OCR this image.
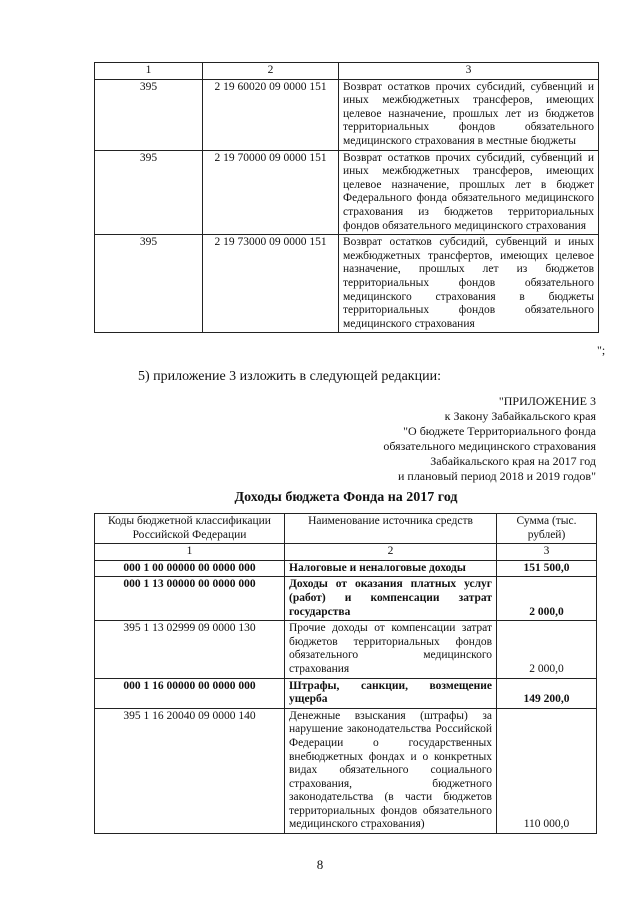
1	2	3
395	2 19 60020 09 0000 151	Возврат остатков прочих субсидий, субвенций и иных межбюджетных трансферов, имеющих целевое назначение, прошлых лет из бюджетов территориальных фондов обязательного медицинского страхования в местные бюджеты
395	2 19 70000 09 0000 151	Возврат остатков прочих субсидий, субвенций и иных межбюджетных трансферов, имеющих целевое назначение, прошлых лет в бюджет Федерального фонда обязательного медицинского страхования из бюджетов территориальных фондов обязательного медицинского страхования
395	2 19 73000 09 0000 151	Возврат остатков субсидий, субвенций и иных межбюджетных трансфертов, имеющих целевое назначение, прошлых лет из бюджетов территориальных фондов обязательного медицинского страхования в бюджеты территориальных фондов обязательного медицинского страхования
";
5) приложение 3 изложить в следующей редакции:
"ПРИЛОЖЕНИЕ 3
к Закону Забайкальского края
"О бюджете Территориального фонда
обязательного медицинского страхования
Забайкальского края на 2017 год
и плановый период 2018 и 2019 годов"
Доходы бюджета Фонда на 2017 год
Коды бюджетной классификации Российской Федерации	Наименование источника средств	Сумма (тыс. рублей)
1	2	3
000 1 00 00000 00 0000 000	Налоговые и неналоговые доходы	151 500,0
000 1 13 00000 00 0000 000	Доходы от оказания платных услуг (работ) и компенсации затрат государства	2 000,0
395 1 13 02999 09 0000 130	Прочие доходы от компенсации затрат бюджетов территориальных фондов обязательного медицинского страхования	2 000,0
000 1 16 00000 00 0000 000	Штрафы, санкции, возмещение ущерба	149 200,0
395 1 16 20040 09 0000 140	Денежные взыскания (штрафы) за нарушение законодательства Российской Федерации о государственных внебюджетных фондах и о конкретных видах обязательного социального страхования, бюджетного законодательства (в части бюджетов территориальных фондов обязательного медицинского страхования)	110 000,0
8
